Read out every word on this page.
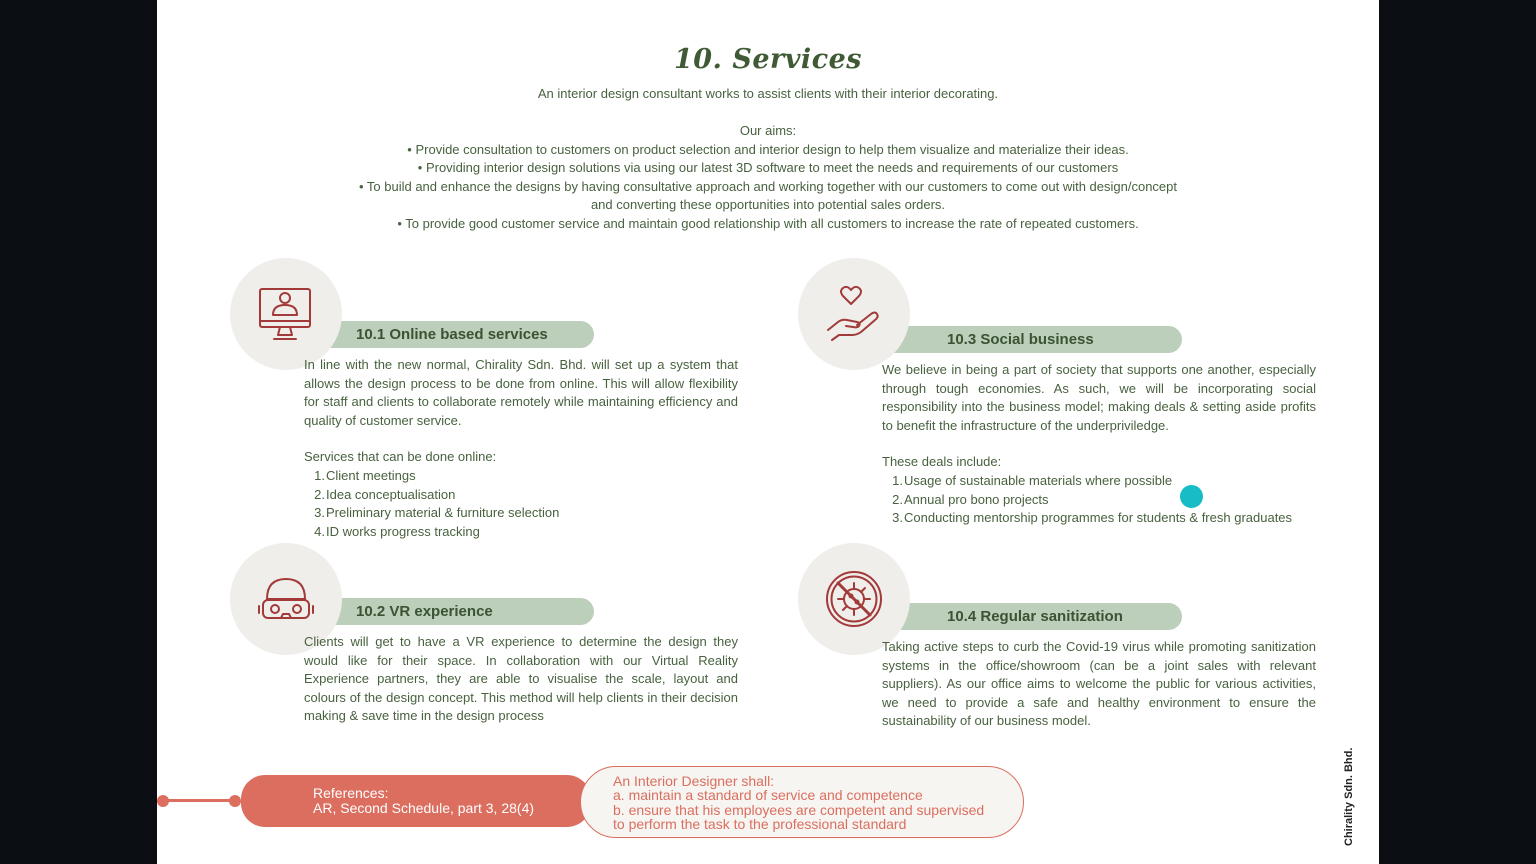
10. Services
An interior design consultant works to assist clients with their interior decorating.
Our aims:
• Provide consultation to customers on product selection and interior design to help them visualize and materialize their ideas.
• Providing interior design solutions via using our latest 3D software to meet the needs and requirements of our customers
• To build and enhance the designs by having consultative approach and working together with our customers to come out with design/concept and converting these opportunities into potential sales orders.
• To provide good customer service and maintain good relationship with all customers to increase the rate of repeated customers.
10.1 Online based services
In line with the new normal, Chirality Sdn. Bhd. will set up a system that allows the design process to be done from online. This will allow flexibility for staff and clients to collaborate remotely while maintaining efficiency and quality of customer service.
Services that can be done online:
1.Client meetings
2.Idea conceptualisation
3.Preliminary material & furniture selection
4.ID works progress tracking
10.2 VR experience
Clients will get to have a VR experience to determine the design they would like for their space. In collaboration with our Virtual Reality Experience partners, they are able to visualise the scale, layout and colours of the design concept. This method will help clients in their decision making & save time in the design process
10.3 Social business
We believe in being a part of society that supports one another, especially through tough economies. As such, we will be incorporating social responsibility into the business model; making deals & setting aside profits to benefit the infrastructure of the underpriviledge.
These deals include:
1.Usage of sustainable materials where possible
2.Annual pro bono projects
3.Conducting mentorship programmes for students & fresh graduates
10.4 Regular sanitization
Taking active steps to curb the Covid-19 virus while promoting sanitization systems in the office/showroom (can be a joint sales with relevant suppliers). As our office aims to welcome the public for various activities, we need to provide a safe and healthy environment to ensure the sustainability of our business model.
References:
AR, Second Schedule, part 3, 28(4)
An Interior Designer shall:
a. maintain a standard of service and competence
b. ensure that his employees are competent and supervised
to perform the task to the professional standard	Chirality Sdn. Bhd.
